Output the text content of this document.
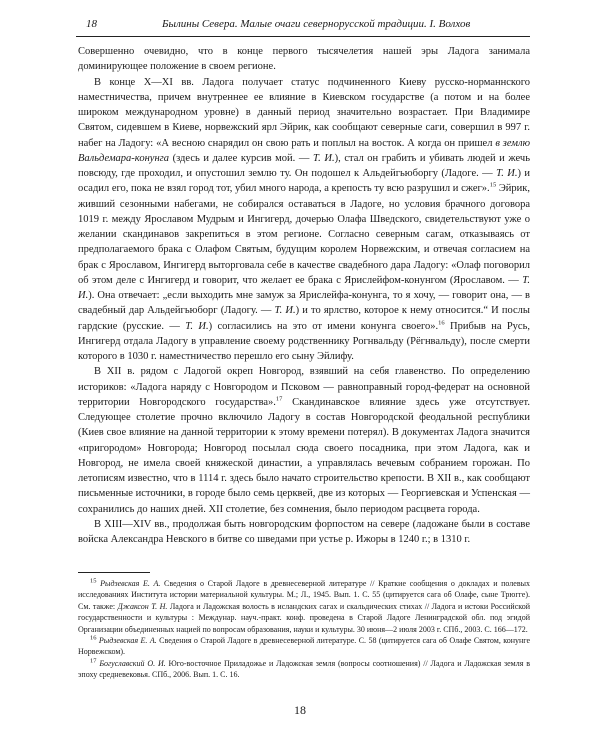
18	Былины Севера. Малые очаги севернорусской традиции. I. Волхов

Совершенно очевидно, что в конце первого тысячелетия нашей эры Ладога занимала доминирующее положение в своем регионе.

В конце X—XI вв. Ладога получает статус подчиненного Киеву русско-норманнского наместничества, причем внутреннее ее влияние в Киевском государстве (а потом и на более широком международном уровне) в данный период значительно возрастает. При Владимире Святом, сидевшем в Киеве, норвежский ярл Эйрик, как сообщают северные саги, совершил в 997 г. набег на Ладогу: «А весною снарядил он свою рать и поплыл на восток. А когда он пришел в землю Вальдемара-конунга (здесь и далее курсив мой. — Т. И.), стал он грабить и убивать людей и жечь повсюду, где проходил, и опустошил землю ту. Он подошел к Альдейгьюборгу (Ладоге. — Т. И.) и осадил его, пока не взял город тот, убил много народа, а крепость ту всю разрушил и сжег».$^{15}$ Эйрик, живший сезонными набегами, не собирался оставаться в Ладоге, но условия брачного договора 1019 г. между Ярославом Мудрым и Ингигерд, дочерью Олафа Шведского, свидетельствуют уже о желании скандинавов закрепиться в этом регионе. Согласно северным сагам, отказываясь от предполагаемого брака с Олафом Святым, будущим королем Норвежским, и отвечая согласием на брак с Ярославом, Ингигерд выторговала себе в качестве свадебного дара Ладогу: «Олаф поговорил об этом деле с Ингигерд и говорит, что желает ее брака с Ярислейфом-конунгом (Ярославом. — Т. И.). Она отвечает: „если выходить мне замуж за Ярислейфа-конунга, то я хочу, — говорит она, — в свадебный дар Альдейгьюборг (Ладогу. — Т. И.) и то ярлство, которое к нему относится.“ И послы гардские (русские. — Т. И.) согласились на это от имени конунга своего».$^{16}$ Прибыв на Русь, Ингигерд отдала Ладогу в управление своему родственнику Рогнвальду (Рёгнвальду), после смерти которого в 1030 г. наместничество перешло его сыну Эйлифу.

В XII в. рядом с Ладогой окреп Новгород, взявший на себя главенство. По определению историков: «Ладога наряду с Новгородом и Псковом — равноправный город-федерат на основной территории Новгородского государства».$^{17}$ Скандинавское влияние здесь уже отсутствует. Следующее столетие прочно включило Ладогу в состав Новгородской феодальной республики (Киев свое влияние на данной территории к этому времени потерял). В документах Ладога значится «пригородом» Новгорода; Новгород посылал сюда своего посадника, при этом Ладога, как и Новгород, не имела своей княжеской династии, а управлялась вечевым собранием горожан. По летописям известно, что в 1114 г. здесь было начато строительство крепости. В XII в., как сообщают письменные источники, в городе было семь церквей, две из которых — Георгиевская и Успенская — сохранились до наших дней. XII столетие, без сомнения, было периодом расцвета города.

В XIII—XIV вв., продолжая быть новгородским форпостом на севере (ладожане были в составе войска Александра Невского в битве со шведами при устье р. Ижоры в 1240 г.; в 1310 г.

$^{15}$ Рыдзевская Е. А. Сведения о Старой Ладоге в древнесеверной литературе // Краткие сообщения о докладах и полевых исследованиях Института истории материальной культуры. М.; Л., 1945. Вып. 1. С. 55 (цитируется сага об Олафе, сыне Трюгге). См. также: Джаксон Т. Н. Ладога и Ладожская волость в исландских сагах и скальдических стихах // Ладога и истоки Российской государственности и культуры : Междунар. науч.-практ. конф. проведена в Старой Ладоге Ленинградской обл. под эгидой Организации объединенных нацией по вопросам образования, науки и культуры. 30 июня—2 июля 2003 г. СПб., 2003. С. 166—172.

$^{16}$ Рыдзевская Е. А. Сведения о Старой Ладоге в древнесеверной литературе. С. 58 (цитируется сага об Олафе Святом, конунге Норвежском).

$^{17}$ Богуславский О. И. Юго-восточное Приладожье и Ладожская земля (вопросы соотношения) // Ладога и Ладожская земля в эпоху средневековья. СПб., 2006. Вып. 1. С. 16.

18
